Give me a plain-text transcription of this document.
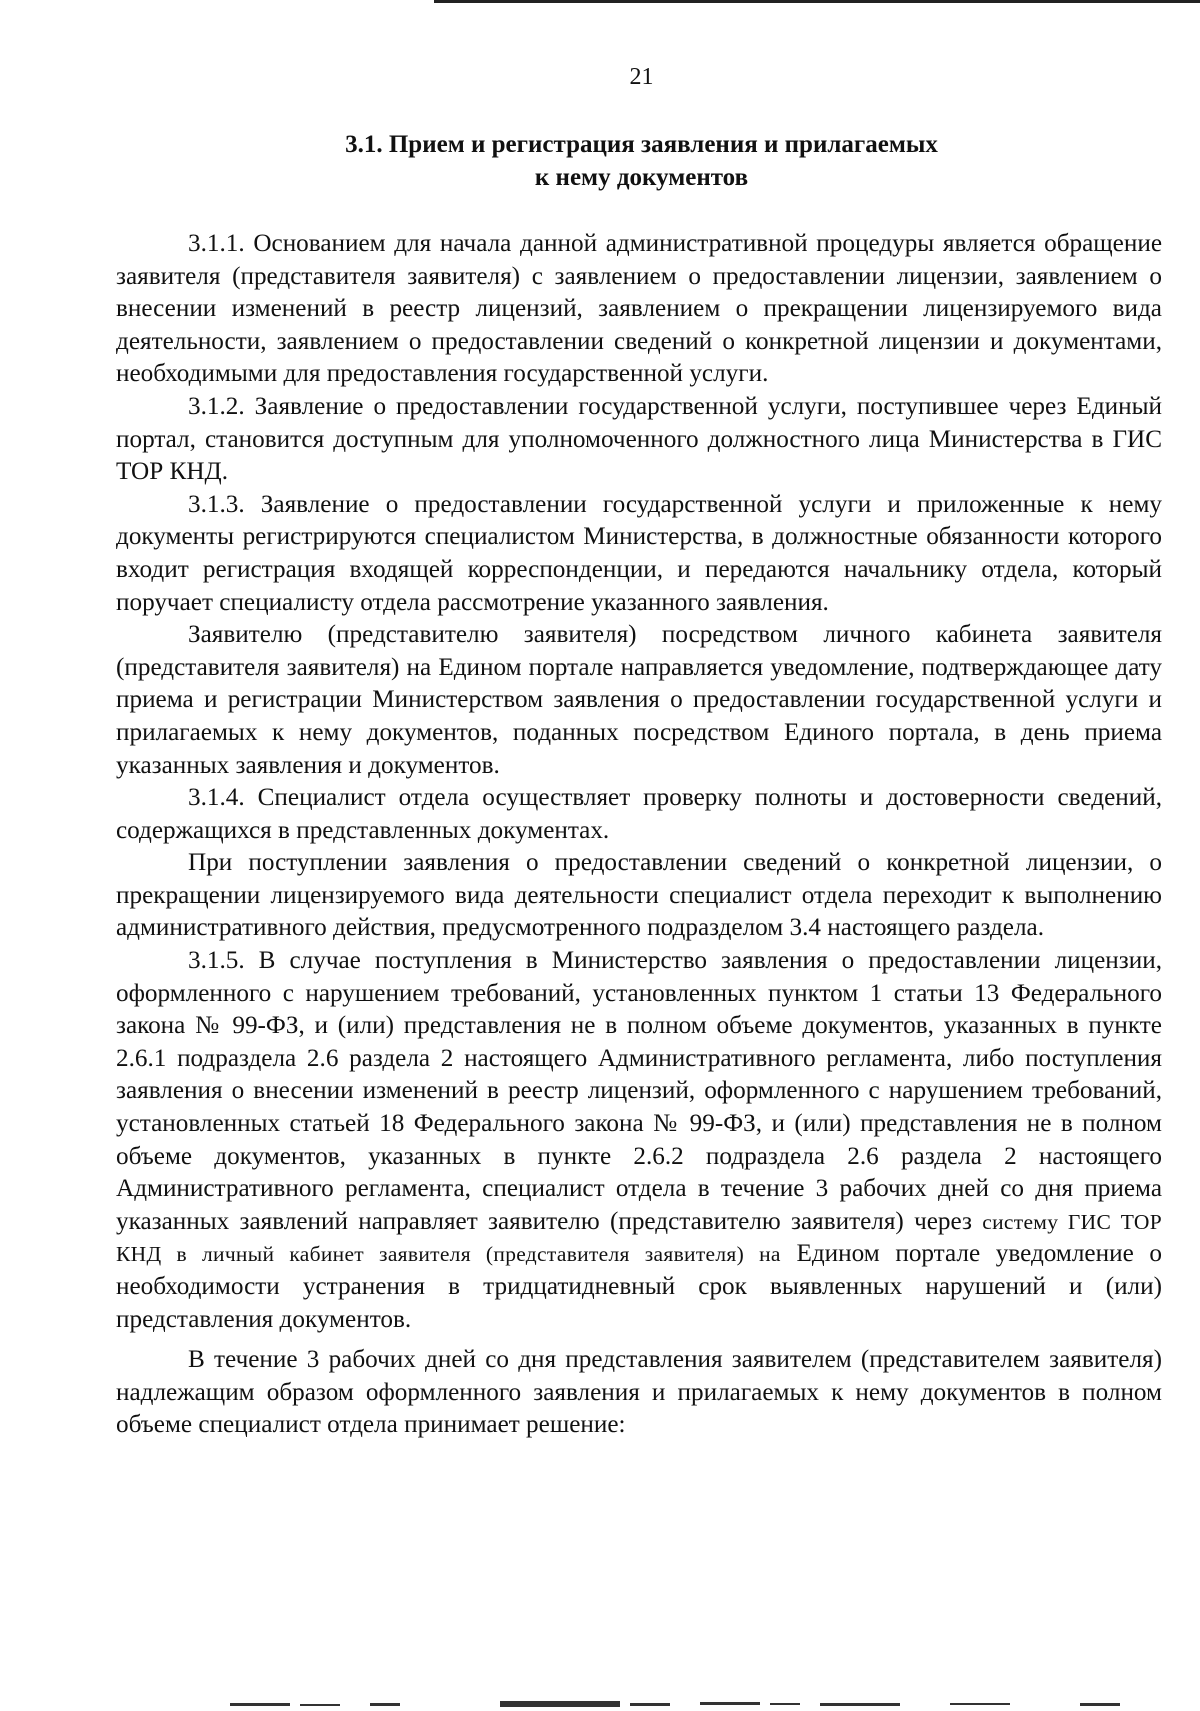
21
3.1. Прием и регистрация заявления и прилагаемых
к нему документов

3.1.1. Основанием для начала данной административной процедуры является обращение заявителя (представителя заявителя) с заявлением о предоставлении лицензии, заявлением о внесении изменений в реестр лицензий, заявлением о прекращении лицензируемого вида деятельности, заявлением о предоставлении сведений о конкретной лицензии и документами, необходимыми для предоставления государственной услуги.

3.1.2. Заявление о предоставлении государственной услуги, поступившее через Единый портал, становится доступным для уполномоченного должностного лица Министерства в ГИС ТОР КНД.

3.1.3. Заявление о предоставлении государственной услуги и приложенные к нему документы регистрируются специалистом Министерства, в должностные обязанности которого входит регистрация входящей корреспонденции, и передаются начальнику отдела, который поручает специалисту отдела рассмотрение указанного заявления.

Заявителю (представителю заявителя) посредством личного кабинета заявителя (представителя заявителя) на Едином портале направляется уведомление, подтверждающее дату приема и регистрации Министерством заявления о предоставлении государственной услуги и прилагаемых к нему документов, поданных посредством Единого портала, в день приема указанных заявления и документов.

3.1.4. Специалист отдела осуществляет проверку полноты и достоверности сведений, содержащихся в представленных документах.

При поступлении заявления о предоставлении сведений о конкретной лицензии, о прекращении лицензируемого вида деятельности специалист отдела переходит к выполнению административного действия, предусмотренного подразделом 3.4 настоящего раздела.

3.1.5. В случае поступления в Министерство заявления о предоставлении лицензии, оформленного с нарушением требований, установленных пунктом 1 статьи 13 Федерального закона № 99-ФЗ, и (или) представления не в полном объеме документов, указанных в пункте 2.6.1 подраздела 2.6 раздела 2 настоящего Административного регламента, либо поступления заявления о внесении изменений в реестр лицензий, оформленного с нарушением требований, установленных статьей 18 Федерального закона № 99-ФЗ, и (или) представления не в полном объеме документов, указанных в пункте 2.6.2 подраздела 2.6 раздела 2 настоящего Административного регламента, специалист отдела в течение 3 рабочих дней со дня приема указанных заявлений направляет заявителю (представителю заявителя) через систему ГИС ТОР КНД в личный кабинет заявителя (представителя заявителя) на Едином портале уведомление о необходимости устранения в тридцатидневный срок выявленных нарушений и (или) представления документов.

В течение 3 рабочих дней со дня представления заявителем (представителем заявителя) надлежащим образом оформленного заявления и прилагаемых к нему документов в полном объеме специалист отдела принимает решение:
